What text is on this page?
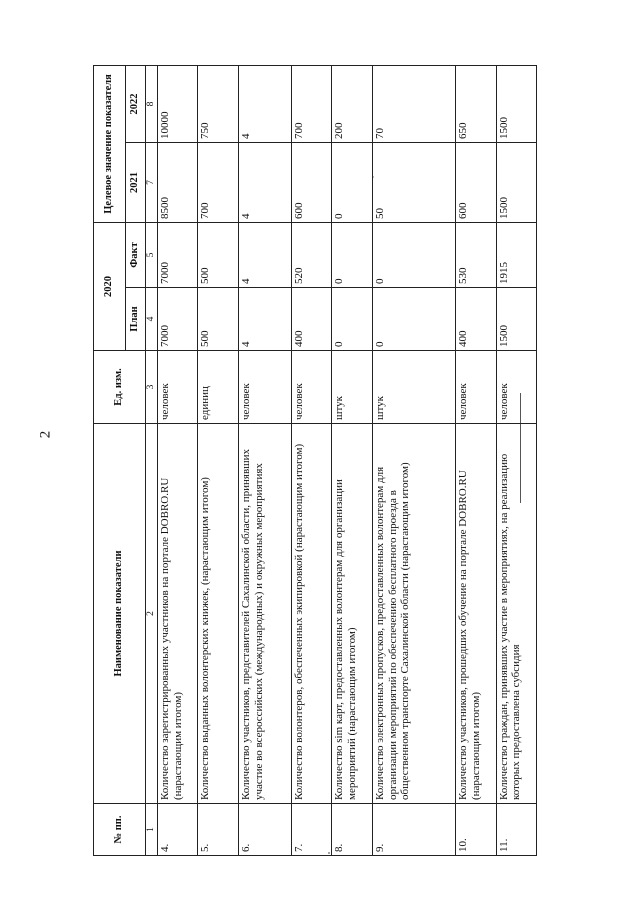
2
№ пп.	Наименование показатели	Ед. изм.	2020		Целевое значение показателя	
			План	Факт	2021	2022
1	2	3	4	5	7	8
4.	Количество зарегистрированных участников на портале DOBRO.RU (нарастающим итогом)	человек	7000	7000	8500	10000
5.	Количество выданных волонтерских книжек, (нарастающим итогом)	единиц	500	500	700	750
6.	Количество участников, представителей Сахалинской области, принявших участие во всероссийских (международных) и окружных мероприятиях	человек	4	4	4	4
7.	Количество волонтеров, обеспеченных экипировкой (нарастающим итогом)	человек	400	520	600	700
8.	Количество sim карт, предоставленных волонтерам для организации мероприятий (нарастающим итогом)	штук	0	0	0	200
9.	Количество электронных пропусков, предоставленных волонтерам для организации мероприятий по обеспечению бесплатного проезда в общественном транспорте Сахалинской области (нарастающим итогом)	штук	0	0	50	70
10.	Количество участников, прошедших обучение на портале DOBRO.RU (нарастающим итогом)	человек	400	530	600	650
11.	Количество граждан, принявших участие в мероприятиях, на реализацию которых предоставлена субсидия	человек	1500	1915	1500	1500
